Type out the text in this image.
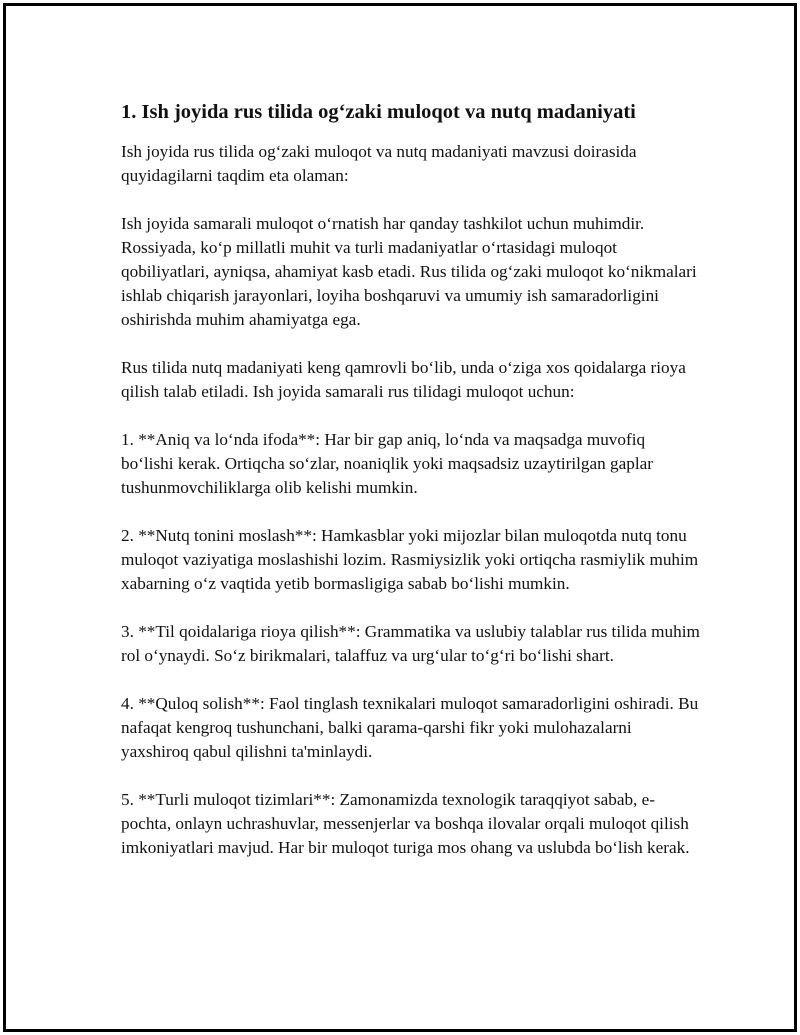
1. Ish joyida rus tilida og‘zaki muloqot va nutq madaniyati

Ish joyida rus tilida og‘zaki muloqot va nutq madaniyati mavzusi doirasida quyidagilarni taqdim eta olaman:

Ish joyida samarali muloqot o‘rnatish har qanday tashkilot uchun muhimdir. Rossiyada, ko‘p millatli muhit va turli madaniyatlar o‘rtasidagi muloqot qobiliyatlari, ayniqsa, ahamiyat kasb etadi. Rus tilida og‘zaki muloqot ko‘nikmalari ishlab chiqarish jarayonlari, loyiha boshqaruvi va umumiy ish samaradorligini oshirishda muhim ahamiyatga ega.

Rus tilida nutq madaniyati keng qamrovli bo‘lib, unda o‘ziga xos qoidalarga rioya qilish talab etiladi. Ish joyida samarali rus tilidagi muloqot uchun:

1. **Aniq va lo‘nda ifoda**: Har bir gap aniq, lo‘nda va maqsadga muvofiq bo‘lishi kerak. Ortiqcha so‘zlar, noaniqlik yoki maqsadsiz uzaytirilgan gaplar tushunmovchiliklarga olib kelishi mumkin.

2. **Nutq tonini moslash**: Hamkasblar yoki mijozlar bilan muloqotda nutq tonu muloqot vaziyatiga moslashishi lozim. Rasmiysizlik yoki ortiqcha rasmiylik muhim xabarning o‘z vaqtida yetib bormasligiga sabab bo‘lishi mumkin.

3. **Til qoidalariga rioya qilish**: Grammatika va uslubiy talablar rus tilida muhim rol o‘ynaydi. So‘z birikmalari, talaffuz va urg‘ular to‘g‘ri bo‘lishi shart.

4. **Quloq solish**: Faol tinglash texnikalari muloqot samaradorligini oshiradi. Bu nafaqat kengroq tushunchani, balki qarama-qarshi fikr yoki mulohazalarni yaxshiroq qabul qilishni ta'minlaydi.

5. **Turli muloqot tizimlari**: Zamonamizda texnologik taraqqiyot sabab, e-pochta, onlayn uchrashuvlar, messenjerlar va boshqa ilovalar orqali muloqot qilish imkoniyatlari mavjud. Har bir muloqot turiga mos ohang va uslubda bo‘lish kerak.
